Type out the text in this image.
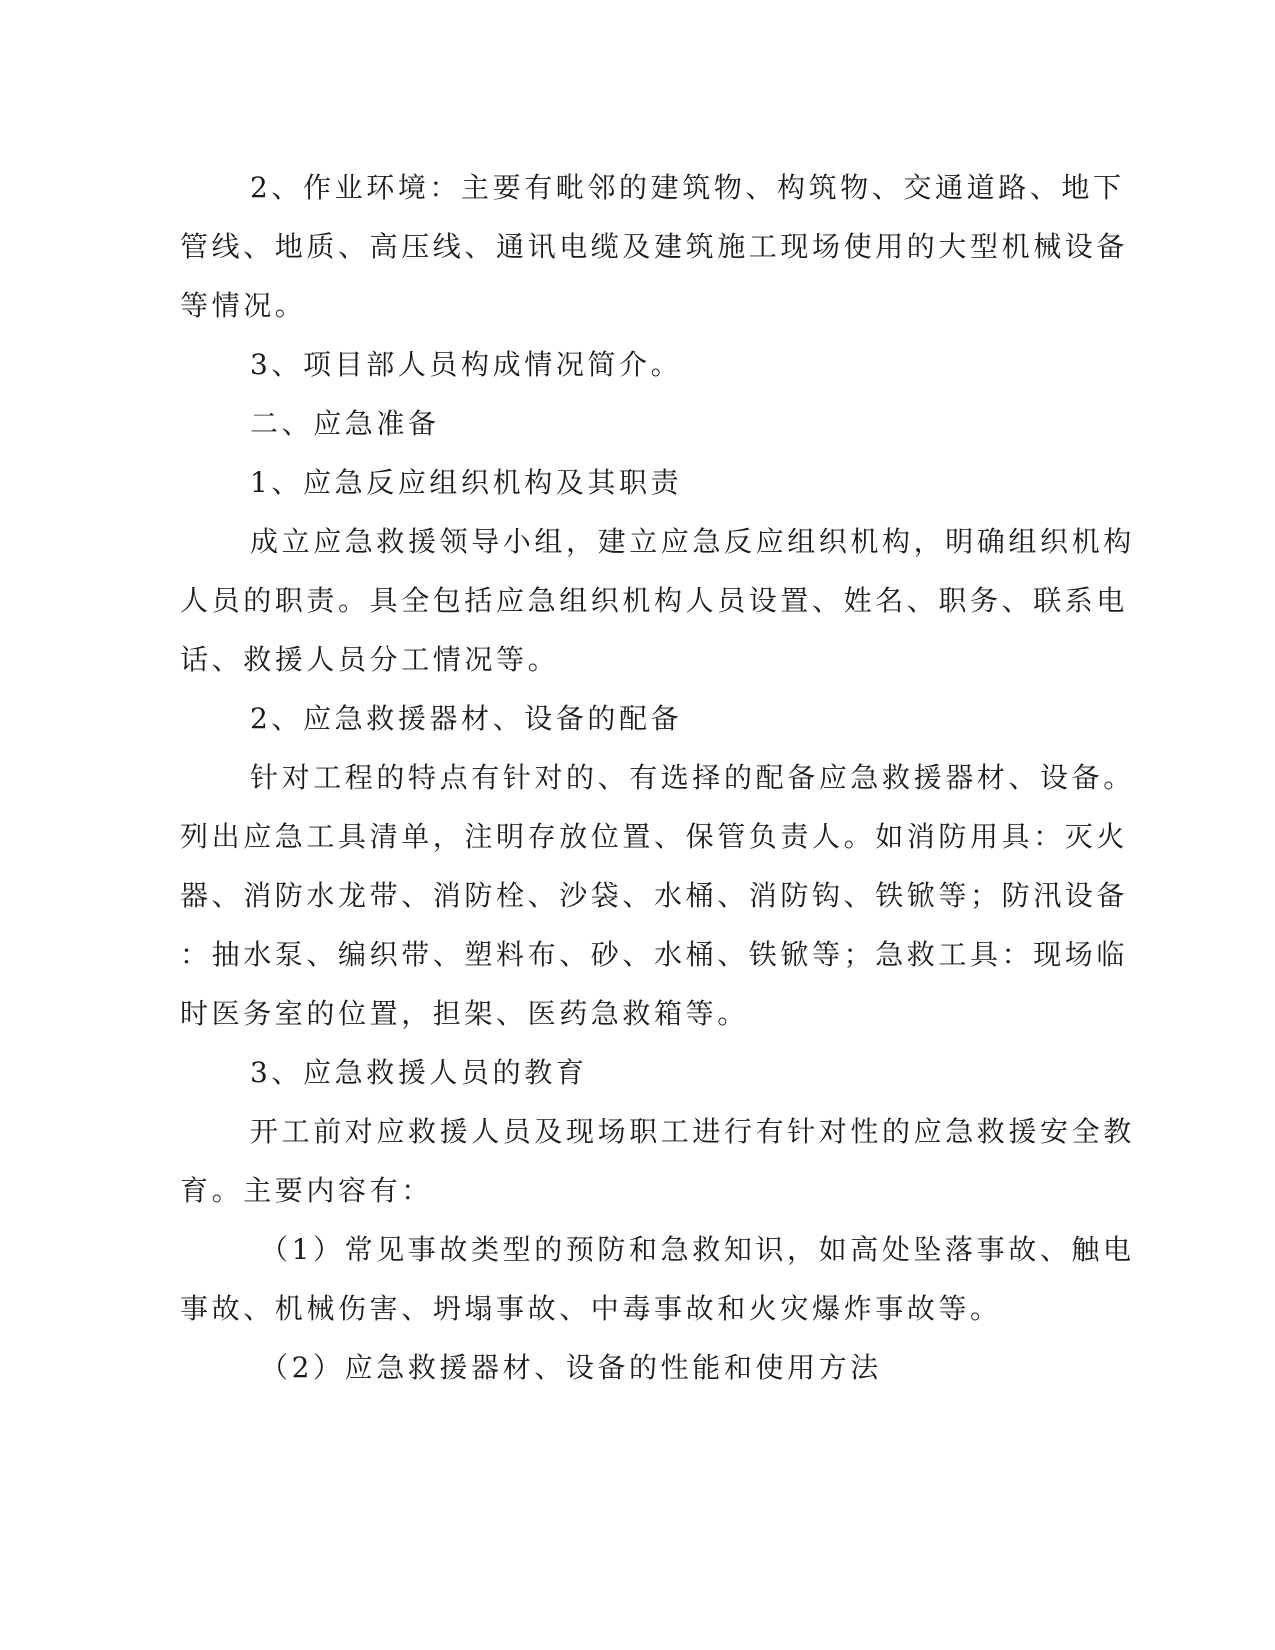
2、作业环境：主要有毗邻的建筑物、构筑物、交通道路、地下

管线、地质、高压线、通讯电缆及建筑施工现场使用的大型机械设备

等情况。

3、项目部人员构成情况简介。

二、应急准备

1、应急反应组织机构及其职责

成立应急救援领导小组，建立应急反应组织机构，明确组织机构

人员的职责。具全包括应急组织机构人员设置、姓名、职务、联系电

话、救援人员分工情况等。

2、应急救援器材、设备的配备

针对工程的特点有针对的、有选择的配备应急救援器材、设备。

列出应急工具清单，注明存放位置、保管负责人。如消防用具：灭火

器、消防水龙带、消防栓、沙袋、水桶、消防钩、铁锨等；防汛设备

：抽水泵、编织带、塑料布、砂、水桶、铁锨等；急救工具：现场临

时医务室的位置，担架、医药急救箱等。

3、应急救援人员的教育

开工前对应救援人员及现场职工进行有针对性的应急救援安全教

育。主要内容有：

（1）常见事故类型的预防和急救知识，如高处坠落事故、触电

事故、机械伤害、坍塌事故、中毒事故和火灾爆炸事故等。

（2）应急救援器材、设备的性能和使用方法
